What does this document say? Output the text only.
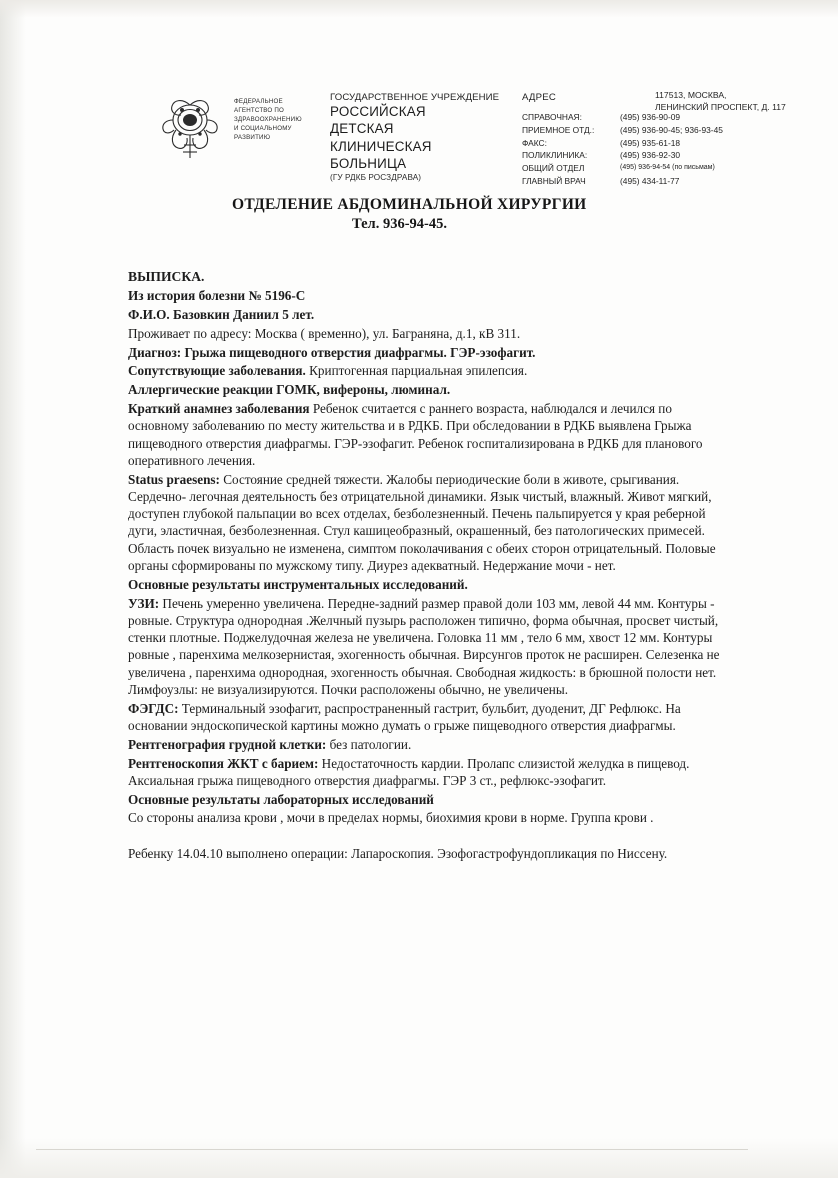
ФЕДЕРАЛЬНОЕ
АГЕНТСТВО ПО
ЗДРАВООХРАНЕНИЮ
И СОЦИАЛЬНОМУ
РАЗВИТИЮ
ГОСУДАРСТВЕННОЕ УЧРЕЖДЕНИЕ
РОССИЙСКАЯ
ДЕТСКАЯ
КЛИНИЧЕСКАЯ
БОЛЬНИЦА
(ГУ РДКБ РОСЗДРАВА)
АДРЕС
СПРАВОЧНАЯ:	(495) 936-90-09
ПРИЕМНОЕ ОТД.:	(495) 936-90-45; 936-93-45
ФАКС:	(495) 935-61-18
ПОЛИКЛИНИКА:	(495) 936-92-30
ОБЩИЙ ОТДЕЛ	(495) 936-94-54 (по письмам)
ГЛАВНЫЙ ВРАЧ	(495) 434-11-77
117513, МОСКВА,
ЛЕНИНСКИЙ ПРОСПЕКТ, Д. 117
ОТДЕЛЕНИЕ АБДОМИНАЛЬНОЙ ХИРУРГИИ
Тел. 936-94-45.

ВЫПИСКА.

Из история болезни № 5196-С

Ф.И.О. Базовкин Даниил 5 лет.

Проживает по адресу: Москва ( временно), ул. Баграняна, д.1, кВ 311.

Диагноз: Грыжа пищеводного отверстия диафрагмы. ГЭР-эзофагит.

Сопутствующие заболевания. Криптогенная парциальная эпилепсия.

Аллергические реакции ГОМК, вифероны, люминал.

Краткий анамнез заболевания Ребенок считается с раннего возраста, наблюдался и лечился по основному заболеванию по месту жительства и в РДКБ. При обследовании в РДКБ выявлена Грыжа пищеводного отверстия диафрагмы. ГЭР-эзофагит. Ребенок госпитализирована в РДКБ для планового оперативного лечения.

Status praesens: Состояние средней тяжести. Жалобы периодические боли в животе, срыгивания. Сердечно- легочная деятельность без отрицательной динамики. Язык чистый, влажный. Живот мягкий, доступен глубокой пальпации во всех отделах, безболезненный. Печень пальпируется у края реберной дуги, эластичная, безболезненная. Стул кашицеобразный, окрашенный, без патологических примесей. Область почек визуально не изменена, симптом поколачивания с обеих сторон отрицательный. Половые органы сформированы по мужскому типу. Диурез адекватный. Недержание мочи - нет.

Основные результаты инструментальных исследований.

УЗИ: Печень умеренно увеличена. Передне-задний размер правой доли 103 мм, левой 44 мм. Контуры - ровные. Структура однородная .Желчный пузырь расположен типично, форма обычная, просвет чистый, стенки плотные. Поджелудочная железа не увеличена. Головка 11 мм , тело 6 мм, хвост 12 мм. Контуры ровные , паренхима мелкозернистая, эхогенность обычная. Вирсунгов проток не расширен. Селезенка не увеличена , паренхима однородная, эхогенность обычная. Свободная жидкость: в брюшной полости нет. Лимфоузлы: не визуализируются. Почки расположены обычно, не увеличены.

ФЭГДС: Терминальный эзофагит, распространенный гастрит, бульбит, дуоденит, ДГ Рефлюкс. На основании эндоскопической картины можно думать о грыже пищеводного отверстия диафрагмы.

Рентгенография грудной клетки: без патологии.

Рентгеноскопия ЖКТ с барием: Недостаточность кардии. Пролапс слизистой желудка в пищевод. Аксиальная грыжа пищеводного отверстия диафрагмы. ГЭР 3 ст., рефлюкс-эзофагит.

Основные результаты лабораторных исследований

Со стороны анализа крови , мочи в пределах нормы, биохимия крови в норме. Группа крови .

Ребенку 14.04.10 выполнено операции: Лапароскопия. Эзофогастрофундопликация по Ниссену.
